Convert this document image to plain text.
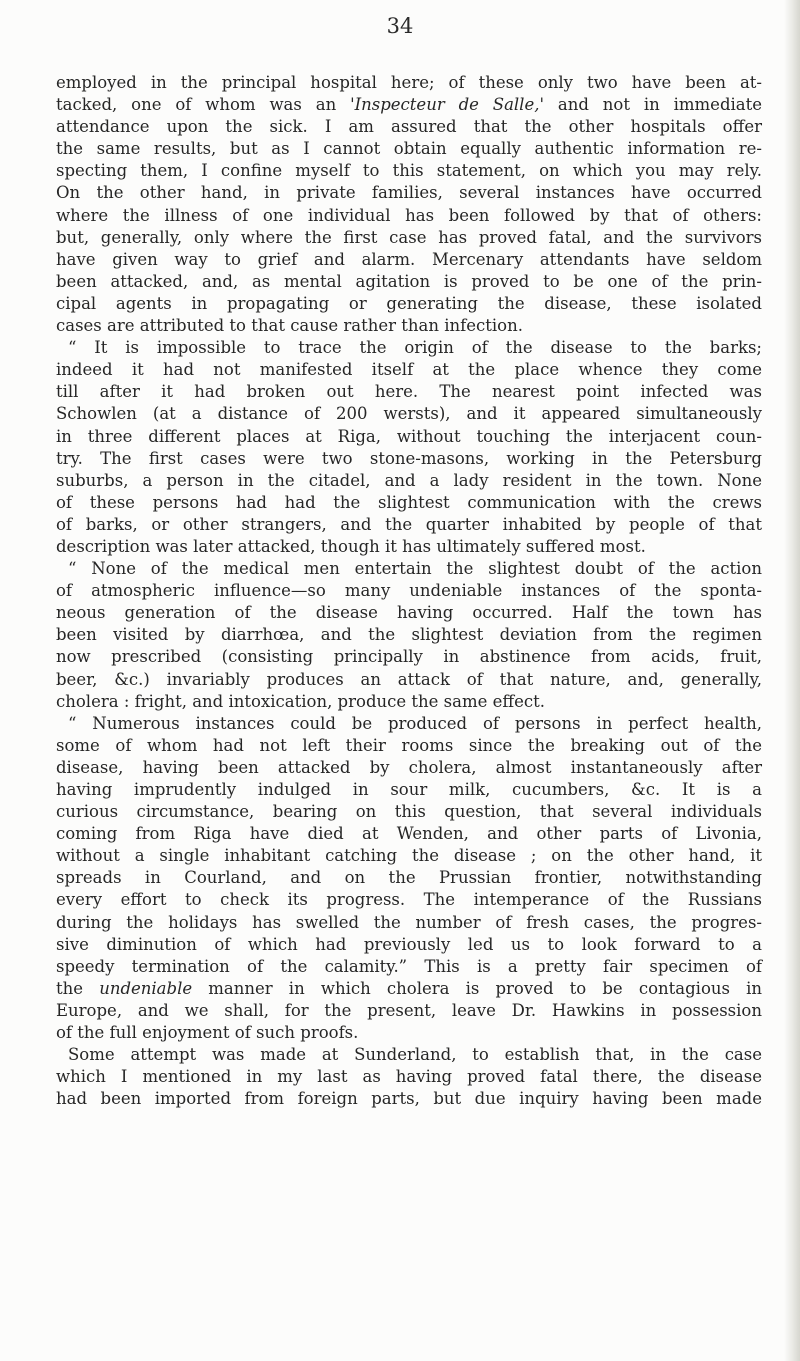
34
employed in the principal hospital here; of these only two have been at-
tacked, one of whom was an 'Inspecteur de Salle,' and not in immediate
attendance upon the sick. I am assured that the other hospitals offer
the same results, but as I cannot obtain equally authentic information re-
specting them, I confine myself to this statement, on which you may rely.
On the other hand, in private families, several instances have occurred
where the illness of one individual has been followed by that of others:
but, generally, only where the first case has proved fatal, and the survivors
have given way to grief and alarm. Mercenary attendants have seldom
been attacked, and, as mental agitation is proved to be one of the prin-
cipal agents in propagating or generating the disease, these isolated
cases are attributed to that cause rather than infection.
“ It is impossible to trace the origin of the disease to the barks;
indeed it had not manifested itself at the place whence they come
till after it had broken out here. The nearest point infected was
Schowlen (at a distance of 200 wersts), and it appeared simultaneously
in three different places at Riga, without touching the interjacent coun-
try. The first cases were two stone-masons, working in the Petersburg
suburbs, a person in the citadel, and a lady resident in the town. None
of these persons had had the slightest communication with the crews
of barks, or other strangers, and the quarter inhabited by people of that
description was later attacked, though it has ultimately suffered most.
“ None of the medical men entertain the slightest doubt of the action
of atmospheric influence—so many undeniable instances of the sponta-
neous generation of the disease having occurred. Half the town has
been visited by diarrhœa, and the slightest deviation from the regimen
now prescribed (consisting principally in abstinence from acids, fruit,
beer, &c.) invariably produces an attack of that nature, and, generally,
cholera : fright, and intoxication, produce the same effect.
“ Numerous instances could be produced of persons in perfect health,
some of whom had not left their rooms since the breaking out of the
disease, having been attacked by cholera, almost instantaneously after
having imprudently indulged in sour milk, cucumbers, &c. It is a
curious circumstance, bearing on this question, that several individuals
coming from Riga have died at Wenden, and other parts of Livonia,
without a single inhabitant catching the disease ; on the other hand, it
spreads in Courland, and on the Prussian frontier, notwithstanding
every effort to check its progress. The intemperance of the Russians
during the holidays has swelled the number of fresh cases, the progres-
sive diminution of which had previously led us to look forward to a
speedy termination of the calamity.” This is a pretty fair specimen of
the undeniable manner in which cholera is proved to be contagious in
Europe, and we shall, for the present, leave Dr. Hawkins in possession
of the full enjoyment of such proofs.
Some attempt was made at Sunderland, to establish that, in the case
which I mentioned in my last as having proved fatal there, the disease
had been imported from foreign parts, but due inquiry having been made
